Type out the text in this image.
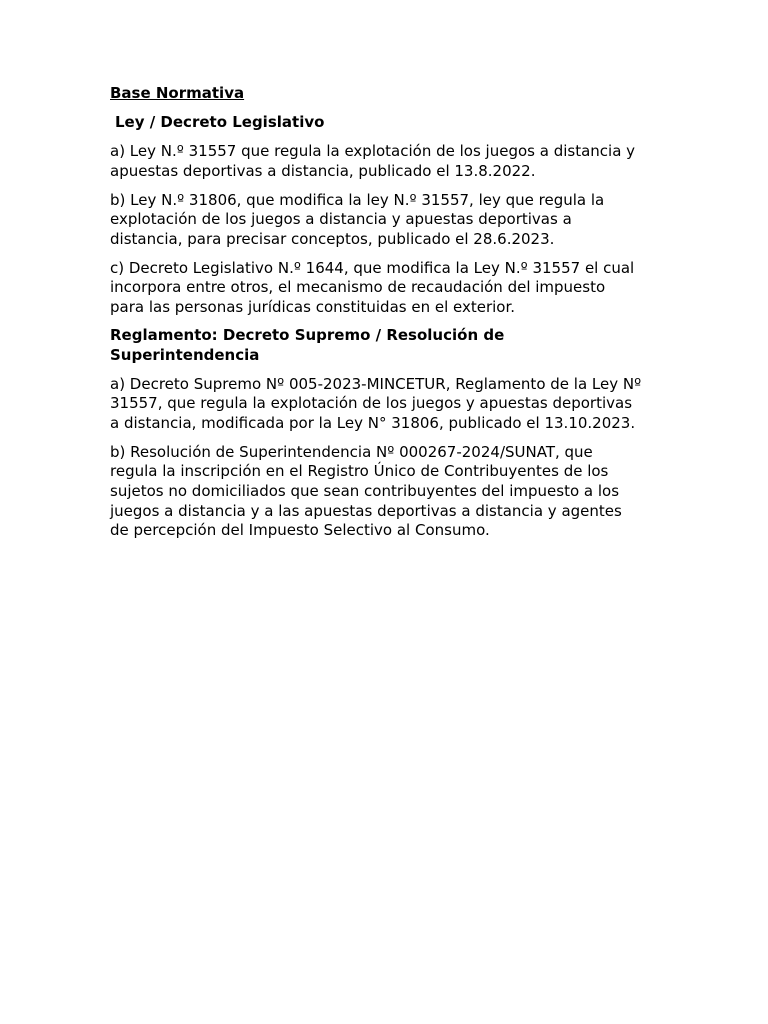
Base Normativa
Ley / Decreto Legislativo
a) Ley N.º 31557 que regula la explotación de los juegos a distancia y
apuestas deportivas a distancia, publicado el 13.8.2022.
b) Ley N.º 31806, que modifica la ley N.º 31557, ley que regula la
explotación de los juegos a distancia y apuestas deportivas a
distancia, para precisar conceptos, publicado el 28.6.2023.
c) Decreto Legislativo N.º 1644, que modifica la Ley N.º 31557 el cual
incorpora entre otros, el mecanismo de recaudación del impuesto
para las personas jurídicas constituidas en el exterior.
Reglamento: Decreto Supremo / Resolución de
Superintendencia
a) Decreto Supremo Nº 005-2023-MINCETUR, Reglamento de la Ley Nº
31557, que regula la explotación de los juegos y apuestas deportivas
a distancia, modificada por la Ley N° 31806, publicado el 13.10.2023.
b) Resolución de Superintendencia Nº 000267-2024/SUNAT, que
regula la inscripción en el Registro Único de Contribuyentes de los
sujetos no domiciliados que sean contribuyentes del impuesto a los
juegos a distancia y a las apuestas deportivas a distancia y agentes
de percepción del Impuesto Selectivo al Consumo.
